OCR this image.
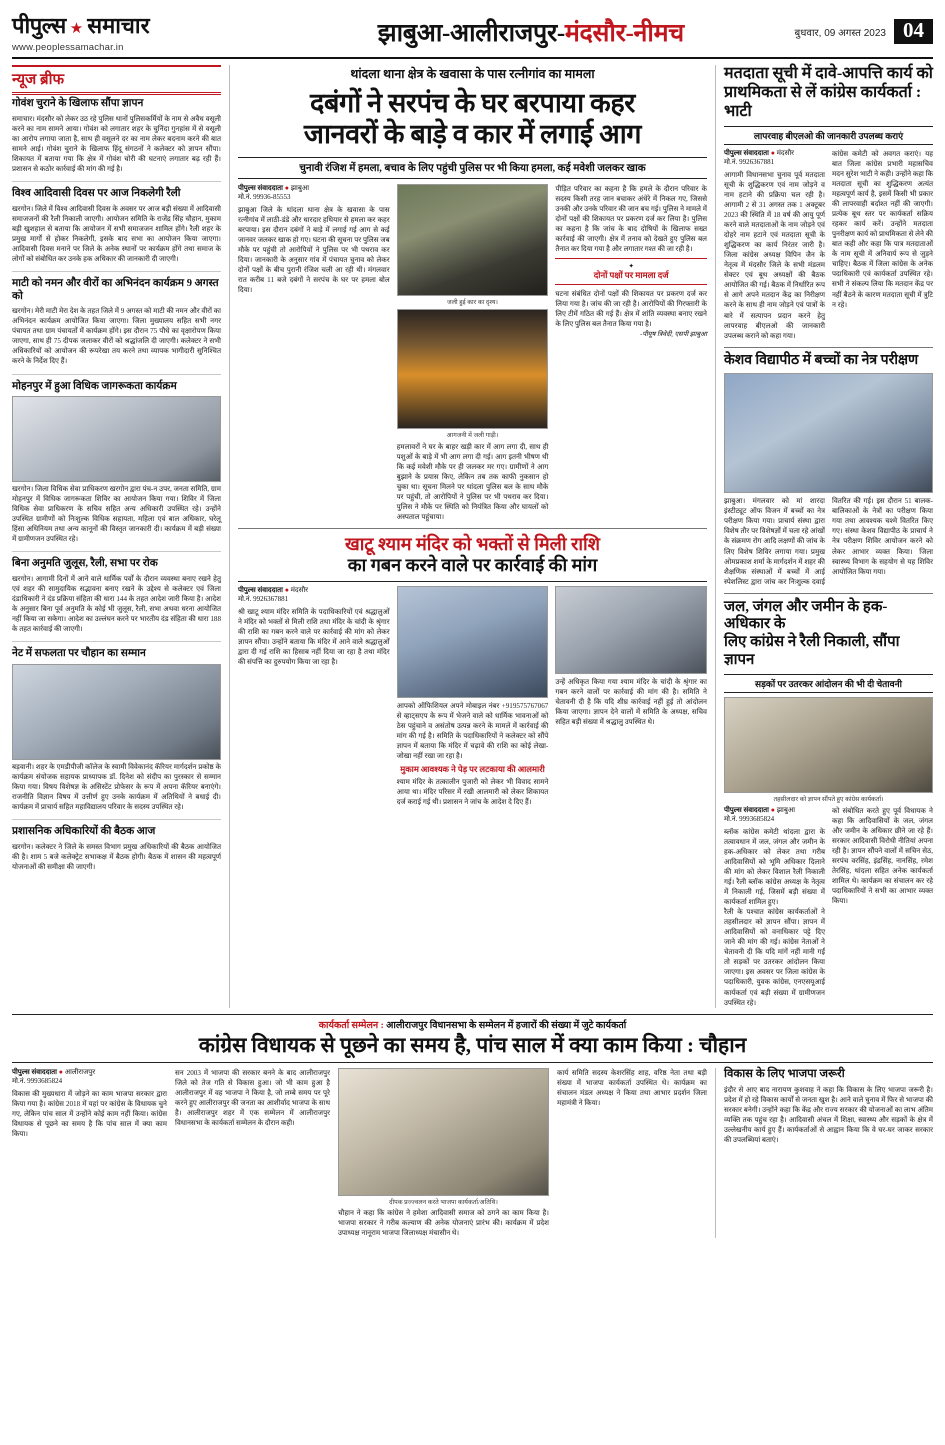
पीपुल्स ★ समाचार
www.peoplessamachar.in
झाबुआ-आलीराजपुर-मंदसौर-नीमच	बुधवार, 09 अगस्त 2023 04
न्यूज ब्रीफ
गोवंश चुराने के खिलाफ सौंपा ज्ञापन
समाचार। मंदसौर को लेकर उठ रहे पुलिस थानों पुलिसकर्मियों के नाम से अवैध वसूली करने का नाम सामने आया। गोवंश को लगातार शहर के चुनिंदा गुनहांस में से वसूली का आरोप लगाया जाता है, साथ ही वसूलने दर का नाम लेकर बदनाम करने की बात सामने आई। गोवंश चुराने के खिलाफ हिंदू संगठनों ने कलेक्टर को ज्ञापन सौंपा। शिकायत में बताया गया कि क्षेत्र में गोवंश चोरी की घटनाएं लगातार बढ़ रही हैं। प्रशासन से कठोर कार्रवाई की मांग की गई है।
विश्व आदिवासी दिवस पर आज निकलेगी रैली
खरगोन। जिले में विश्व आदिवासी दिवस के अवसर पर आज बड़ी संख्या में आदिवासी समाजजनों की रैली निकाली जाएगी। आयोजन समिति के राजेंद्र सिंह चौहान, मुकाम बड़ी खुशहाल से बताया कि आयोजन में सभी समाजजन शामिल होंगे। रैली शहर के प्रमुख मार्गों से होकर निकलेगी, इसके बाद सभा का आयोजन किया जाएगा। आदिवासी दिवस मनाने पर जिले के अनेक स्थानों पर कार्यक्रम होंगे तथा समाज के लोगों को संबोधित कर उनके हक अधिकार की जानकारी दी जाएगी।
माटी को नमन और वीरों का अभिनंदन कार्यक्रम 9 अगस्त को
खरगोन। मेरी माटी मेरा देश के तहत जिले में 9 अगस्त को माटी की नमन और वीरों का अभिनंदन कार्यक्रम आयोजित किया जाएगा। जिला मुख्यालय सहित सभी नगर पंचायत तथा ग्राम पंचायतों में कार्यक्रम होंगे। इस दौरान 75 पौधे का वृक्षारोपण किया जाएगा, साथ ही 75 दीपक जलाकर वीरों को श्रद्धांजलि दी जाएगी। कलेक्टर ने सभी अधिकारियों को आयोजन की रूपरेखा तय करने तथा व्यापक भागीदारी सुनिश्चित करने के निर्देश दिए हैं।
मोहनपुर में हुआ विधिक जागरूकता कार्यक्रम
खरगोन। जिला विधिक सेवा प्राधिकरण खरगोन द्वारा पंच-न उपर, जनता समिति, ग्राम मोहनपुर में विधिक जागरूकता शिविर का आयोजन किया गया। शिविर में जिला विधिक सेवा प्राधिकरण के सचिव सहित अन्य अधिकारी उपस्थित रहे। उन्होंने उपस्थित ग्रामीणों को निःशुल्क विधिक सहायता, महिला एवं बाल अधिकार, घरेलू हिंसा अधिनियम तथा अन्य कानूनों की विस्तृत जानकारी दी। कार्यक्रम में बड़ी संख्या में ग्रामीणजन उपस्थित रहे।
बिना अनुमति जुलूस, रैली, सभा पर रोक
खरगोन। आगामी दिनों में आने वाले धार्मिक पर्वों के दौरान व्यवस्था बनाए रखने हेतु एवं शहर की सामुदायिक सद्भावना बनाए रखने के उद्देश्य से कलेक्टर एवं जिला दंडाधिकारी ने दंड प्रक्रिया संहिता की धारा 144 के तहत आदेश जारी किया है। आदेश के अनुसार बिना पूर्व अनुमति के कोई भी जुलूस, रैली, सभा अथवा धरना आयोजित नहीं किया जा सकेगा। आदेश का उल्लंघन करने पर भारतीय दंड संहिता की धारा 188 के तहत कार्रवाई की जाएगी।
नेट में सफलता पर चौहान का सम्मान
बड़वानी। शहर के एमडीपीजी कॉलेज के स्वामी विवेकानंद कॅरियर मार्गदर्शन प्रकोष्ठ के कार्यक्रम संयोजक सहायक प्राध्यापक डॉ. दिनेश को संदीप का पुरस्कार से सम्मान किया गया। विषय विशेषज्ञ के असिस्टेंट प्रोफेसर के रूप में अपना कॅरियर बनाएंगे। राजनीति विज्ञान विषय में उत्तीर्ण हुए उनके कार्यक्रम में अतिथियों ने बधाई दी। कार्यक्रम में प्राचार्य सहित महाविद्यालय परिवार के सदस्य उपस्थित रहे।
प्रशासनिक अधिकारियों की बैठक आज
खरगोन। कलेक्टर ने जिले के समस्त विभाग प्रमुख अधिकारियों की बैठक आयोजित की है। शाम 5 बजे कलेक्ट्रेट सभाकक्ष में बैठक होगी। बैठक में शासन की महत्वपूर्ण योजनाओं की समीक्षा की जाएगी।
थांदला थाना क्षेत्र के खवासा के पास रत्नीगांव का मामला
दबंगों ने सरपंच के घर बरपाया कहर
जानवरों के बाड़े व कार में लगाई आग
चुनावी रंजिश में हमला, बचाव के लिए पहुंची पुलिस पर भी किया हमला, कई मवेशी जलकर खाक
पीपुल्स संवाददाता ● झाबुआ
मो.नं. 99936-85553
झाबुआ जिले के थांदला थाना क्षेत्र के खवासा के पास रत्नीगांव में लाठी-डंडे और धारदार हथियार से हमला कर कहर बरपाया। इस दौरान दबंगों ने बाड़े में लगाई गई आग से कई जानवर जलकर खाक हो गए। घटना की सूचना पर पुलिस जब मौके पर पहुंची तो आरोपियों ने पुलिस पर भी पथराव कर दिया। जानकारी के अनुसार गांव में पंचायत चुनाव को लेकर दोनों पक्षों के बीच पुरानी रंजिश चली आ रही थी। मंगलवार रात करीब 11 बजे दबंगों ने सरपंच के घर पर हमला बोल दिया।
जली हुई कार का दृश्य।
आगजनी में जली गाड़ी।
हमलावरों ने घर के बाहर खड़ी कार में आग लगा दी, साथ ही पशुओं के बाड़े में भी आग लगा दी गई। आग इतनी भीषण थी कि कई मवेशी मौके पर ही जलकर मर गए। ग्रामीणों ने आग बुझाने के प्रयास किए, लेकिन तब तक काफी नुकसान हो चुका था। सूचना मिलने पर थांदला पुलिस बल के साथ मौके पर पहुंची, तो आरोपियों ने पुलिस पर भी पथराव कर दिया। पुलिस ने मौके पर स्थिति को नियंत्रित किया और घायलों को अस्पताल पहुंचाया।
पीड़ित परिवार का कहना है कि हमले के दौरान परिवार के सदस्य किसी तरह जान बचाकर अंधेरे में निकल गए, जिससे उनकी और उनके परिवार की जान बच गई। पुलिस ने मामले में दोनों पक्षों की शिकायत पर प्रकरण दर्ज कर लिया है। पुलिस का कहना है कि जांच के बाद दोषियों के खिलाफ सख्त कार्रवाई की जाएगी। क्षेत्र में तनाव को देखते हुए पुलिस बल तैनात कर दिया गया है और लगातार गश्त की जा रही है।
✦
दोनों पक्षों पर मामला दर्ज
घटना संबंधित दोनों पक्षों की शिकायत पर प्रकरण दर्ज कर लिया गया है। जांच की जा रही है। आरोपियों की गिरफ्तारी के लिए टीमें गठित की गई हैं। क्षेत्र में शांति व्यवस्था बनाए रखने के लिए पुलिस बल तैनात किया गया है।
-पीयूष त्रिवेदी, एसपी झाबुआ
खाटू श्याम मंदिर को भक्तों से मिली राशि
का गबन करने वाले पर कार्रवाई की मांग
पीपुल्स संवाददाता ● मंदसौर
मो.नं. 9926367881
श्री खाटू श्याम मंदिर समिति के पदाधिकारियों एवं श्रद्धालुओं ने मंदिर को भक्तों से मिली राशि तथा मंदिर के चांदी के श्रृंगार की राशि का गबन करने वाले पर कार्रवाई की मांग को लेकर ज्ञापन सौंपा। उन्होंने बताया कि मंदिर में आने वाले श्रद्धालुओं द्वारा दी गई राशि का हिसाब नहीं दिया जा रहा है तथा मंदिर की संपत्ति का दुरुपयोग किया जा रहा है।
आपको ऑफिशियल अपने मोबाइल नंबर +919575767067 से व्हाट्सएप के रूप में भेजने वाले को धार्मिक भावनाओं को ठेस पहुंचाने व असंतोष उत्पन्न करने के मामले में कार्रवाई की मांग की गई है। समिति के पदाधिकारियों ने कलेक्टर को सौंपे ज्ञापन में बताया कि मंदिर में चढ़ावे की राशि का कोई लेखा-जोखा नहीं रखा जा रहा है।
मुकाम आवश्यक ने पेड़ पर लटकाया की आलमारी
श्याम मंदिर के तत्कालीन पुजारी को लेकर भी विवाद सामने आया था। मंदिर परिसर में रखी आलमारी को लेकर शिकायत दर्ज कराई गई थी। प्रशासन ने जांच के आदेश दे दिए हैं।
उन्हें अधिकृत किया गया श्याम मंदिर के चांदी के श्रृंगार का गबन करने वालों पर कार्रवाई की मांग की है। समिति ने चेतावनी दी है कि यदि शीघ्र कार्रवाई नहीं हुई तो आंदोलन किया जाएगा। ज्ञापन देने वालों में समिति के अध्यक्ष, सचिव सहित बड़ी संख्या में श्रद्धालु उपस्थित थे।
मतदाता सूची में दावे-आपत्ति कार्य को प्राथमिकता से लें कांग्रेस कार्यकर्ता : भाटी
लापरवाह बीएलओ की जानकारी उपलब्ध कराएं
पीपुल्स संवाददाता ● मंदसौर
मो.नं. 9926367881
आगामी विधानसभा चुनाव पूर्व मतदाता सूची के शुद्धिकरण एवं नाम जोड़ने व नाम हटाने की प्रक्रिया चल रही है। आगामी 2 से 31 अगस्त तक 1 अक्टूबर 2023 की स्थिति में 18 वर्ष की आयु पूर्ण करने वाले मतदाताओं के नाम जोड़ने एवं दोहरे नाम हटाने एवं मतदाता सूची के शुद्धिकरण का कार्य निरंतर जारी है। जिला कांग्रेस अध्यक्ष विपिन जैन के नेतृत्व में मंदसौर जिले के सभी मंडलम सेक्टर एवं बूथ अध्यक्षों की बैठक आयोजित की गई। बैठक में निर्धारित रूप से आगे अपने मतदान केंद्र का निरीक्षण करने के साथ ही नाम जोड़ने एवं पात्रों के बारे में सत्यापन प्रदान करने हेतु लापरवाह बीएलओ की जानकारी उपलब्ध कराने को कहा गया।
कांग्रेस कमेटी को अवगत कराएं। यह बात जिला कांग्रेस प्रभारी महासचिव मदन सुरेश भाटी ने कही। उन्होंने कहा कि मतदाता सूची का शुद्धिकरण अत्यंत महत्वपूर्ण कार्य है, इसमें किसी भी प्रकार की लापरवाही बर्दाश्त नहीं की जाएगी। प्रत्येक बूथ स्तर पर कार्यकर्ता सक्रिय रहकर कार्य करें। उन्होंने मतदाता पुनरीक्षण कार्य को प्राथमिकता से लेने की बात कही और कहा कि पात्र मतदाताओं के नाम सूची में अनिवार्य रूप से जुड़ने चाहिए। बैठक में जिला कांग्रेस के अनेक पदाधिकारी एवं कार्यकर्ता उपस्थित रहे। सभी ने संकल्प लिया कि मतदान केंद्र पर नहीं बैठने के कारण मतदाता सूची में त्रुटि न रहे।
केशव विद्यापीठ में बच्चों का नेत्र परीक्षण
झाबुआ। मंगलवार को मां शारदा इंस्टीट्यूट ऑफ विजन में बच्चों का नेत्र परीक्षण किया गया। प्राचार्य संस्था द्वारा विशेष तौर पर विशेषज्ञों में चला रहे आंखों के संक्रमण रोग आदि लक्षणों की जांच के लिए विशेष शिविर लगाया गया। प्रमुख ओमप्रकाश शर्मा के मार्गदर्शन में शहर की शैक्षणिक संस्थाओं में बच्चों में आई स्पेशलिस्ट द्वारा जांच कर निःशुल्क दवाई वितरित की गई। इस दौरान 51 बालक-बालिकाओं के नेत्रों का परीक्षण किया गया तथा आवश्यक चश्मे वितरित किए गए। संस्था केशव विद्यापीठ के प्राचार्य ने नेत्र परीक्षण शिविर आयोजन करने को लेकर आभार व्यक्त किया। जिला स्वास्थ्य विभाग के सहयोग से यह शिविर आयोजित किया गया।
जल, जंगल और जमीन के हक-अधिकार के
लिए कांग्रेस ने रैली निकाली, सौंपा ज्ञापन
सड़कों पर उतरकर आंदोलन की भी दी चेतावनी
तहसीलदार को ज्ञापन सौंपते हुए कांग्रेस कार्यकर्ता।
पीपुल्स संवाददाता ● झाबुआ
मो.नं. 9993685824
ब्लॉक कांग्रेस कमेटी थांदला द्वारा के तत्वावधान में जल, जंगल और जमीन के हक-अधिकार को लेकर तथा गरीब आदिवासियों को भूमि अधिकार दिलाने की मांग को लेकर विशाल रैली निकाली गई। रैली ब्लॉक कांग्रेस अध्यक्ष के नेतृत्व में निकाली गई, जिसमें बड़ी संख्या में कार्यकर्ता शामिल हुए।
रैली के पश्चात कांग्रेस कार्यकर्ताओं ने तहसीलदार को ज्ञापन सौंपा। ज्ञापन में आदिवासियों को वनाधिकार पट्टे दिए जाने की मांग की गई। कांग्रेस नेताओं ने चेतावनी दी कि यदि मांगें नहीं मानी गईं तो सड़कों पर उतरकर आंदोलन किया जाएगा। इस अवसर पर जिला कांग्रेस के पदाधिकारी, युवक कांग्रेस, एनएसयूआई कार्यकर्ता एवं बड़ी संख्या में ग्रामीणजन उपस्थित रहे।
को संबोधित करते हुए पूर्व विधायक ने कहा कि आदिवासियों के जल, जंगल और जमीन के अधिकार छीने जा रहे हैं। सरकार आदिवासी विरोधी नीतियां अपना रही है। ज्ञापन सौंपने वालों में सचिन सेठ, सरपंच वरसिंह, इंद्रसिंह, नानसिंह, रमेश तेरसिंह, थांदला सहित अनेक कार्यकर्ता शामिल थे। कार्यक्रम का संचालन कर रहे पदाधिकारियों ने सभी का आभार व्यक्त किया।
कार्यकर्ता सम्मेलन : आलीराजपुर विधानसभा के सम्मेलन में हजारों की संख्या में जुटे कार्यकर्ता
कांग्रेस विधायक से पूछने का समय है, पांच साल में क्या काम किया : चौहान
पीपुल्स संवाददाता ● आलीराजपुर
मो.नं. 9993685824
विकास की मुख्यधारा में जोड़ने का काम भाजपा सरकार द्वारा किया गया है। कांग्रेस 2018 में यहां पर कांग्रेस के विधायक चुने गए, लेकिन पांच साल में उन्होंने कोई काम नहीं किया। कांग्रेस विधायक से पूछने का समय है कि पांच साल में क्या काम किया।
सन 2003 में भाजपा की सरकार बनने के बाद आलीराजपुर जिले को तेज गति से विकास हुआ। जो भी काम हुआ है आलीराजपुर में वह भाजपा ने किया है, जो लम्बे समय पर पूरे करने हुए आलीराजपुर की जनता का आशीर्वाद भाजपा के साथ है। आलीराजपुर शहर में एक सम्मेलन में आलीराजपुर विधानसभा के कार्यकर्ता सम्मेलन के दौरान कही।
दीपक प्रज्ज्वलन करते भाजपा कार्यकर्ता/अतिथि।
चौहान ने कहा कि कांग्रेस ने हमेशा आदिवासी समाज को ठगने का काम किया है। भाजपा सरकार ने गरीब कल्याण की अनेक योजनाएं प्रारंभ की। कार्यक्रम में प्रदेश उपाध्यक्ष नानूराम भाजपा जिलाध्यक्ष मंचासीन थे।
कार्य समिति सदस्य केशरसिंह शाह, वरिष्ठ नेता तथा बड़ी संख्या में भाजपा कार्यकर्ता उपस्थित थे। कार्यक्रम का संचालन मंडल अध्यक्ष ने किया तथा आभार प्रदर्शन जिला महामंत्री ने किया।
विकास के लिए भाजपा जरूरी
इंदौर से आए बाद नारायण कुशवाह ने कहा कि विकास के लिए भाजपा जरूरी है। प्रदेश में हो रहे विकास कार्यों से जनता खुश है। आने वाले चुनाव में फिर से भाजपा की सरकार बनेगी। उन्होंने कहा कि केंद्र और राज्य सरकार की योजनाओं का लाभ अंतिम व्यक्ति तक पहुंच रहा है। आदिवासी अंचल में शिक्षा, स्वास्थ्य और सड़कों के क्षेत्र में उल्लेखनीय कार्य हुए हैं। कार्यकर्ताओं से आह्वान किया कि वे घर-घर जाकर सरकार की उपलब्धियां बताएं।
